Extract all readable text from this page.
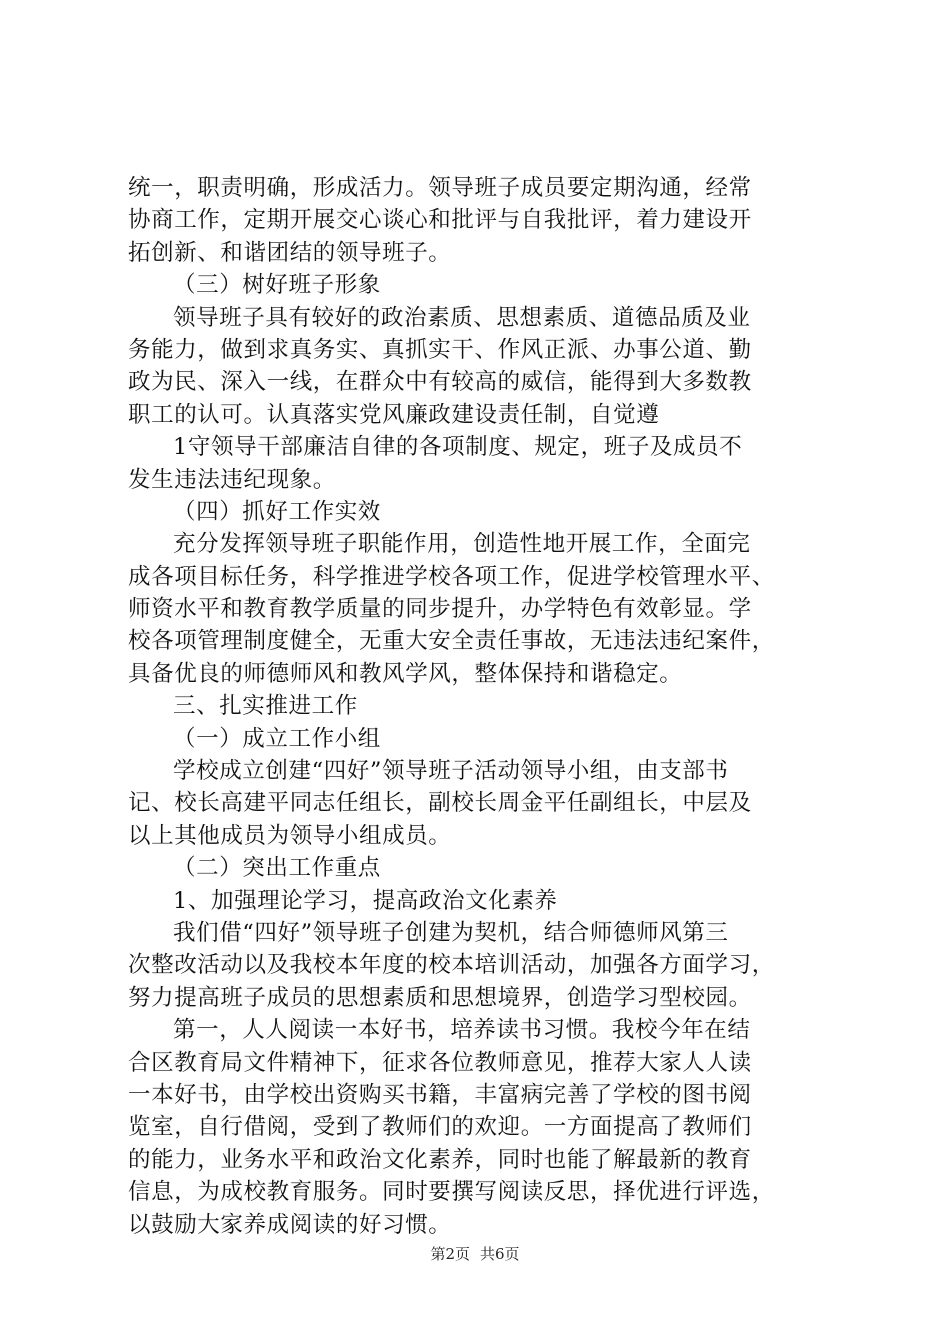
统一，职责明确，形成活力。领导班子成员要定期沟通，经常
协商工作，定期开展交心谈心和批评与自我批评，着力建设开
拓创新、和谐团结的领导班子。
（三）树好班子形象
领导班子具有较好的政治素质、思想素质、道德品质及业
务能力，做到求真务实、真抓实干、作风正派、办事公道、勤
政为民、深入一线，在群众中有较高的威信，能得到大多数教
职工的认可。认真落实党风廉政建设责任制，自觉遵
1守领导干部廉洁自律的各项制度、规定，班子及成员不
发生违法违纪现象。
（四）抓好工作实效
充分发挥领导班子职能作用，创造性地开展工作，全面完
成各项目标任务，科学推进学校各项工作，促进学校管理水平、
师资水平和教育教学质量的同步提升，办学特色有效彰显。学
校各项管理制度健全，无重大安全责任事故，无违法违纪案件，
具备优良的师德师风和教风学风，整体保持和谐稳定。
三、扎实推进工作
（一）成立工作小组
学校成立创建“四好”领导班子活动领导小组，由支部书
记、校长高建平同志任组长，副校长周金平任副组长，中层及
以上其他成员为领导小组成员。
（二）突出工作重点
1、加强理论学习，提高政治文化素养
我们借“四好”领导班子创建为契机，结合师德师风第三
次整改活动以及我校本年度的校本培训活动，加强各方面学习，
努力提高班子成员的思想素质和思想境界，创造学习型校园。
第一，人人阅读一本好书，培养读书习惯。我校今年在结
合区教育局文件精神下，征求各位教师意见，推荐大家人人读
一本好书，由学校出资购买书籍，丰富病完善了学校的图书阅
览室，自行借阅，受到了教师们的欢迎。一方面提高了教师们
的能力，业务水平和政治文化素养，同时也能了解最新的教育
信息，为成校教育服务。同时要撰写阅读反思，择优进行评选，
以鼓励大家养成阅读的好习惯。
第2页 共6页
